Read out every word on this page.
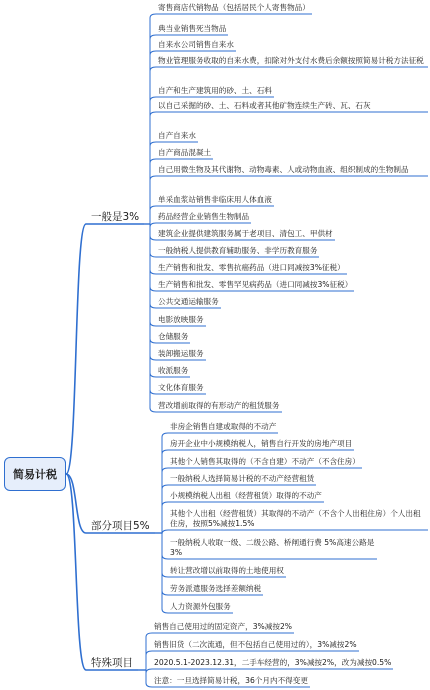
简易计税
一般是3%
部分项目5%
特殊项目
寄售商店代销物品（包括居民个人寄售物品）
典当业销售死当物品
自来水公司销售自来水
物业管理服务收取的自来水费，扣除对外支付水费后余额按照简易计税方法征税
自产和生产建筑用的砂、土、石料
以自己采掘的砂、土、石料或者其他矿物连续生产砖、瓦、石灰
自产自来水
自产商品混凝土
自己用微生物及其代谢物、动物毒素、人或动物血液、组织制成的生物制品
单采血浆站销售非临床用人体血液
药品经营企业销售生物制品
建筑企业提供建筑服务属于老项目、清包工、甲供材
一般纳税人提供教育辅助服务、非学历教育服务
生产销售和批发、零售抗癌药品（进口同减按3%征税）
生产销售和批发、零售罕见病药品（进口同减按3%征税）
公共交通运输服务
电影放映服务
仓储服务
装卸搬运服务
收派服务
文化体育服务
营改增前取得的有形动产的租赁服务
非房企销售自建或取得的不动产
房开企业中小规模纳税人，销售自行开发的房地产项目
其他个人销售其取得的（不含自建）不动产（不含住房）
一般纳税人选择简易计税的不动产经营租赁
小规模纳税人出租（经营租赁）取得的不动产
其他个人出租（经营租赁）其取得的不动产（不含个人出租住房）个人出租住房，按照5%减按1.5%
一般纳税人收取一级、二级公路、桥闸通行费 5%高速公路是3%
转让营改增以前取得的土地使用权
劳务派遣服务选择差额纳税
人力资源外包服务
销售自己使用过的固定资产，3%减按2%
销售旧货（二次流通，但不包括自己使用过的），3%减按2%
2020.5.1-2023.12.31，二手车经营的，3%减按2%，改为减按0.5%
注意：一旦选择简易计税，36个月内不得变更
